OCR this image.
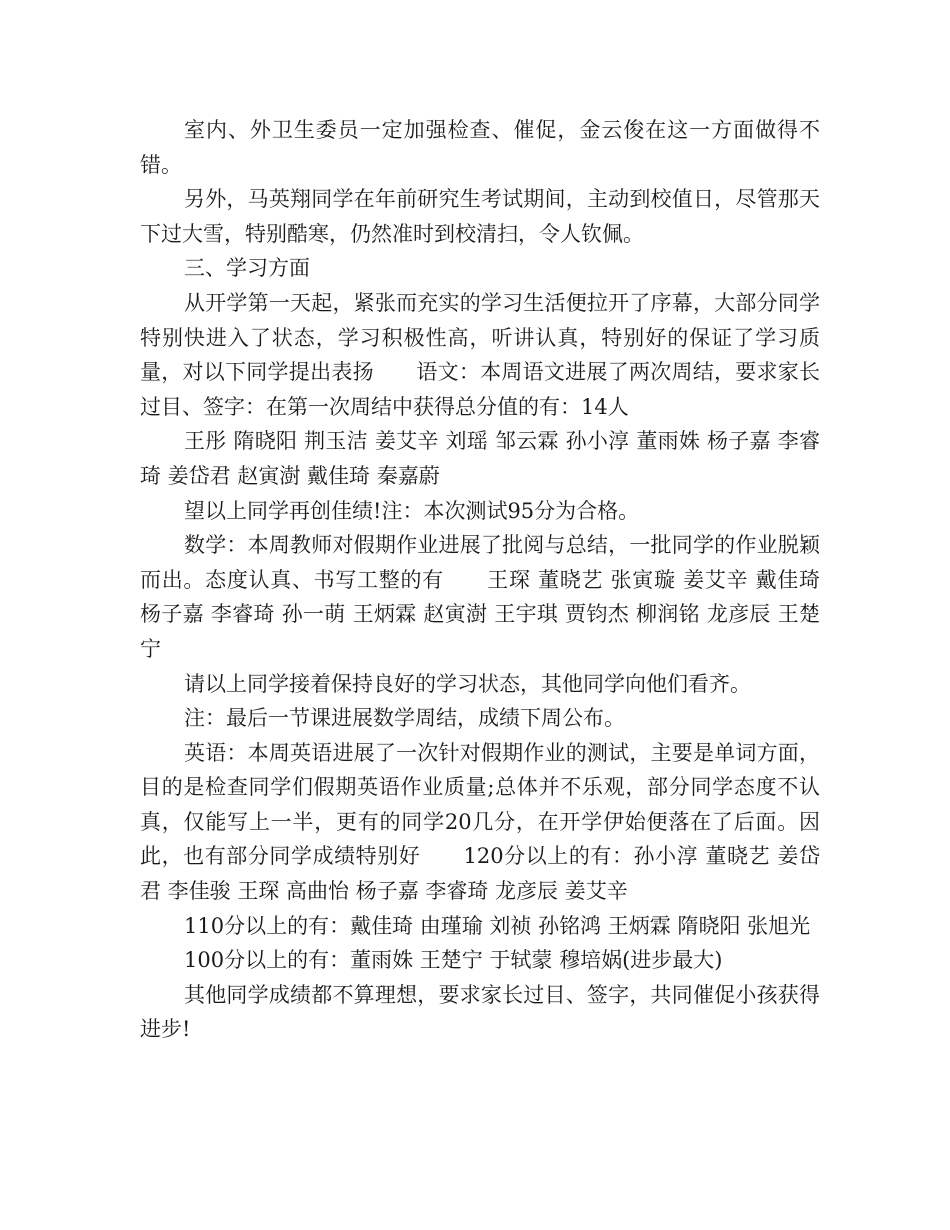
室内、外卫生委员一定加强检查、催促，金云俊在这一方面做得不错。

另外，马英翔同学在年前研究生考试期间，主动到校值日，尽管那天下过大雪，特别酷寒，仍然准时到校清扫，令人钦佩。

三、学习方面

从开学第一天起，紧张而充实的学习生活便拉开了序幕，大部分同学特别快进入了状态，学习积极性高，听讲认真，特别好的保证了学习质量，对以下同学提出表扬　　语文：本周语文进展了两次周结，要求家长过目、签字：在第一次周结中获得总分值的有：14人

王彤 隋晓阳 荆玉洁 姜艾辛 刘瑶 邹云霖 孙小淳 董雨姝 杨子嘉 李睿琦 姜岱君 赵寅澍 戴佳琦 秦嘉蔚

望以上同学再创佳绩!注：本次测试95分为合格。

数学：本周教师对假期作业进展了批阅与总结，一批同学的作业脱颖而出。态度认真、书写工整的有　　王琛 董晓艺 张寅璇 姜艾辛 戴佳琦 杨子嘉 李睿琦 孙一萌 王炳霖 赵寅澍 王宇琪 贾钧杰 柳润铭 龙彦辰 王楚宁

请以上同学接着保持良好的学习状态，其他同学向他们看齐。

注：最后一节课进展数学周结，成绩下周公布。

英语：本周英语进展了一次针对假期作业的测试，主要是单词方面，目的是检查同学们假期英语作业质量;总体并不乐观，部分同学态度不认真，仅能写上一半，更有的同学20几分，在开学伊始便落在了后面。因此，也有部分同学成绩特别好　　120分以上的有：孙小淳 董晓艺 姜岱君 李佳骏 王琛 高曲怡 杨子嘉 李睿琦 龙彦辰 姜艾辛

110分以上的有：戴佳琦 由瑾瑜 刘祯 孙铭鸿 王炳霖 隋晓阳 张旭光

100分以上的有：董雨姝 王楚宁 于轼蒙 穆培娲(进步最大)

其他同学成绩都不算理想，要求家长过目、签字，共同催促小孩获得进步!
